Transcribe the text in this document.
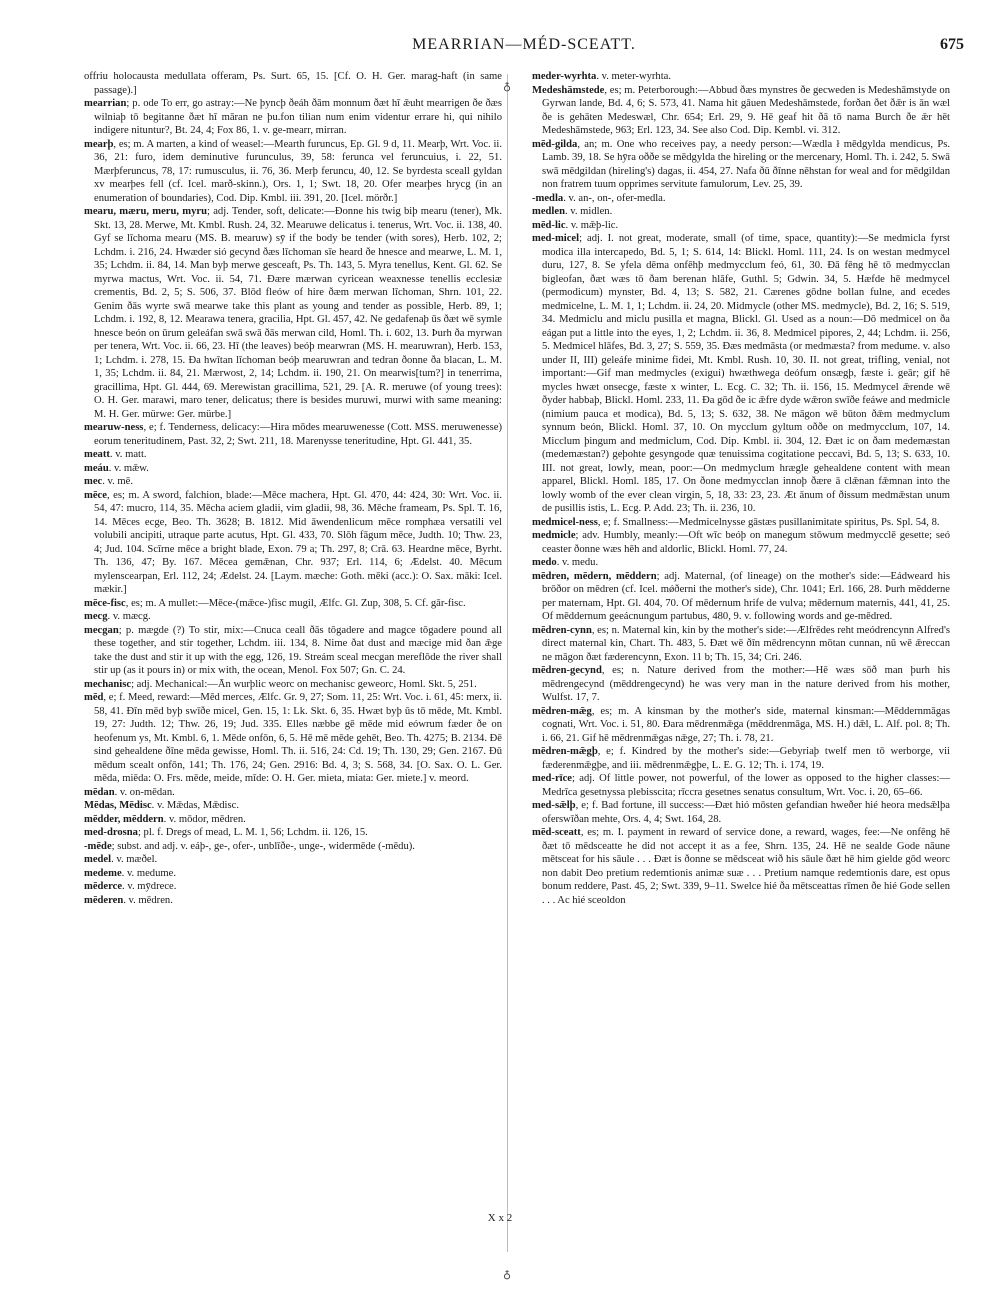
MEARRIAN—MÉD-SCEATT.	675

offriu holocausta medullata offeram, Ps. Surt. 65, 15. [Cf. O. H. Ger. marag-haft (in same passage).]

mearrian; p. ode To err, go astray:—Ne þyncþ ðeáh ðām monnum ðæt hī ǣuht mearrigen ðe ðæs wilniaþ tō begitanne ðæt hī māran ne þu.fon tilian num enim videntur errare hi, qui nihilo indigere nituntur?, Bt. 24, 4; Fox 86, 1. v. ge-mearr, mirran.

mearþ, es; m. A marten, a kind of weasel:—Mearth furuncus, Ep. Gl. 9 d, 11. Mearþ, Wrt. Voc. ii. 36, 21: furo, idem deminutive furunculus, 39, 58: ferunca vel feruncuius, i. 22, 51. Mærþferuncus, 78, 17: rumusculus, ii. 76, 36. Merþ feruncu, 40, 12. Se byrdesta sceall gyldan xv mearþes fell (cf. Icel. marð-skinn.), Ors. 1, 1; Swt. 18, 20. Ofer mearþes hrycg (in an enumeration of boundaries), Cod. Dip. Kmbl. iii. 391, 20. [Icel. mörðr.]

mearu, mæru, meru, myru; adj. Tender, soft, delicate:—Ðonne his twig biþ mearu (tener), Mk. Skt. 13, 28. Merwe, Mt. Kmbl. Rush. 24, 32. Mearuwe delicatus i. tenerus, Wrt. Voc. ii. 138, 40. Gyf se līchoma mearu (MS. B. mearuw) sȳ if the body be tender (with sores), Herb. 102, 2; Lchdm. i. 216, 24. Hwæder sió gecynd ðæs līchoman sīe heard ðe hnesce and mearwe, L. M. 1, 35; Lchdm. ii. 84, 14. Man byþ merwe gesceaft, Ps. Th. 143, 5. Myra tenellus, Kent. Gl. 62. Se myrwa mactus, Wrt. Voc. ii. 54, 71. Ðære mærwan cyricean weaxnesse tenellis ecclesiæ crementis, Bd. 2, 5; S. 506, 37. Blōd fleów of hire ðæm merwan līchoman, Shrn. 101, 22. Genim ðās wyrte swā mearwe take this plant as young and tender as possible, Herb. 89, 1; Lchdm. i. 192, 8, 12. Mearawa tenera, gracilia, Hpt. Gl. 457, 42. Ne gedafenaþ ūs ðæt wē symle hnesce beón on ūrum geleáfan swā swā ðās merwan cild, Homl. Th. i. 602, 13. Þurh ða myrwan per tenera, Wrt. Voc. ii. 66, 23. Hī (the leaves) beóþ mearwran (MS. H. mearuwran), Herb. 153, 1; Lchdm. i. 278, 15. Ða hwītan līchoman beóþ mearuwran and tedran ðonne ða blacan, L. M. 1, 35; Lchdm. ii. 84, 21. Mærwost, 2, 14; Lchdm. ii. 190, 21. On mearwis[tum?] in tenerrima, gracillima, Hpt. Gl. 444, 69. Merewistan gracillima, 521, 29. [A. R. meruwe (of young trees): O. H. Ger. marawi, maro tener, delicatus; there is besides muruwi, murwi with same meaning: M. H. Ger. mürwe: Ger. mürbe.]

mearuw-ness, e; f. Tenderness, delicacy:—Hira mōdes mearuwenesse (Cott. MSS. meruwenesse) eorum teneritudinem, Past. 32, 2; Swt. 211, 18. Marenysse teneritudine, Hpt. Gl. 441, 35.

meatt. v. matt.

meáu. v. mǣw.

mec. v. mē.

mēce, es; m. A sword, falchion, blade:—Mēce machera, Hpt. Gl. 470, 44: 424, 30: Wrt. Voc. ii. 54, 47: mucro, 114, 35. Mēcha aciem gladii, vim gladii, 98, 36. Mēche frameam, Ps. Spl. T. 16, 14. Mēces ecge, Beo. Th. 3628; B. 1812. Mid āwendenlicum mēce romphæa versatili vel volubili ancipiti, utraque parte acutus, Hpt. Gl. 433, 70. Slōh fāgum mēce, Judth. 10; Thw. 23, 4; Jud. 104. Scīrne mēce a bright blade, Exon. 79 a; Th. 297, 8; Crā. 63. Heardne mēce, Byrht. Th. 136, 47; By. 167. Mēcea gemǣnan, Chr. 937; Erl. 114, 6; Ædelst. 40. Mēcum mylenscearpan, Erl. 112, 24; Ædelst. 24. [Laym. mæche: Goth. mēki (acc.): O. Sax. māki: Icel. mækir.]

mēce-fisc, es; m. A mullet:—Mēce-(mǣce-)fisc mugil, Ælfc. Gl. Zup, 308, 5. Cf. gār-fisc.

mecg. v. mæcg.

mecgan; p. mægde (?) To stir, mix:—Cnuca ceall ðās tōgadere and magce tōgadere pound all these together, and stir together, Lchdm. iii. 134, 8. Nime ðat dust and mæcige mid ðan ǣge take the dust and stir it up with the egg, 126, 19. Streám sceal mecgan mereflōde the river shall stir up (as it pours in) or mix with, the ocean, Menol. Fox 507; Gn. C. 24.

mechanisc; adj. Mechanical:—Ān wurþlic weorc on mechanisc geweorc, Homl. Skt. 5, 251.

mēd, e; f. Meed, reward:—Mēd merces, Ælfc. Gr. 9, 27; Som. 11, 25: Wrt. Voc. i. 61, 45: merx, ii. 58, 41. Ðīn mēd byþ swīðe micel, Gen. 15, 1: Lk. Skt. 6, 35. Hwæt byþ ūs tō mēde, Mt. Kmbl. 19, 27: Judth. 12; Thw. 26, 19; Jud. 335. Elles næbbe gē mēde mid eówrum fæder ðe on heofenum ys, Mt. Kmbl. 6, 1. Mēde onfōn, 6, 5. Hē mē mēde gehēt, Beo. Th. 4275; B. 2134. Ðē sind gehealdene ðīne mēda gewisse, Homl. Th. ii. 516, 24: Cd. 19; Th. 130, 29; Gen. 2167. Ðū mēdum scealt onfōn, 141; Th. 176, 24; Gen. 2916: Bd. 4, 3; S. 568, 34. [O. Sax. O. L. Ger. mēda, miēda: O. Frs. mēde, meide, mīde: O. H. Ger. mieta, miata: Ger. miete.] v. meord.

mēdan. v. on-mēdan.

Mēdas, Mēdisc. v. Mǣdas, Mǣdisc.

mēdder, mēddern. v. mōdor, mēdren.

med-drosna; pl. f. Dregs of mead, L. M. 1, 56; Lchdm. ii. 126, 15.

-mēde; subst. and adj. v. eáþ-, ge-, ofer-, unblīðe-, unge-, widermēde (-mēdu).

medel. v. mæðel.

medeme. v. medume.

mēderce. v. mȳdrece.

mēderen. v. mēdren.

♁
♁

meder-wyrhta. v. meter-wyrhta.

Medeshāmstede, es; m. Peterborough:—Abbud ðæs mynstres ðe gecweden is Medeshāmstyde on Gyrwan lande, Bd. 4, 6; S. 573, 41. Nama hit gāuen Medeshāmstede, forðan ðet ðǣr is ān wæl ðe is gehāten Medeswæl, Chr. 654; Erl. 29, 9. Hē geaf hit ðā tō nama Burch ðe ǣr hēt Medeshāmstede, 963; Erl. 123, 34. See also Cod. Dip. Kembl. vi. 312.

mēd-gilda, an; m. One who receives pay, a needy person:—Wædla ł mēdgylda mendicus, Ps. Lamb. 39, 18. Se hȳra oððe se mēdgylda the hireling or the mercenary, Homl. Th. i. 242, 5. Swā swā mēdgildan (hireling's) dagas, ii. 454, 27. Nafa ðū ðīnne nēhstan for weal and for mēdgildan non fratrem tuum opprimes servitute famulorum, Lev. 25, 39.

-medla. v. an-, on-, ofer-medla.

medlen. v. midlen.

mēd-lic. v. mǣþ-lic.

med-micel; adj. I. not great, moderate, small (of time, space, quantity):—Se medmicla fyrst modica illa intercapedo, Bd. 5, 1; S. 614, 14: Blickl. Homl. 111, 24. Is on westan medmycel duru, 127, 8. Se yfela dēma onfēhþ medmycclum feó, 61, 30. Ðā fēng hē tō medmycclan bigleofan, ðæt wæs tō ðam berenan hlāfe, Guthl. 5; Gdwin. 34, 5. Hæfde hē medmycel (permodicum) mynster, Bd. 4, 13; S. 582, 21. Cærenes gōdne bollan fulne, and ecedes medmicelne, L. M. 1, 1; Lchdm. ii. 24, 20. Midmycle (other MS. medmycle), Bd. 2, 16; S. 519, 34. Medmiclu and miclu pusilla et magna, Blickl. Gl. Used as a noun:—Dō medmicel on ða eágan put a little into the eyes, 1, 2; Lchdm. ii. 36, 8. Medmicel pipores, 2, 44; Lchdm. ii. 256, 5. Medmicel hlāfes, Bd. 3, 27; S. 559, 35. Ðæs medmāsta (or medmæsta? from medume. v. also under II, III) geleáfe minime fidei, Mt. Kmbl. Rush. 10, 30. II. not great, trifling, venial, not important:—Gif man medmycles (exigui) hwæthwega deófum onsægþ, fæste i. geār; gif hē mycles hwæt onsecge, fæste x winter, L. Ecg. C. 32; Th. ii. 156, 15. Medmycel ǣrende wē ðyder habbaþ, Blickl. Homl. 233, 11. Ða gōd ðe ic ǣfre dyde wǣron swīðe feáwe and medmicle (nimium pauca et modica), Bd. 5, 13; S. 632, 38. Ne māgon wē būton ðǣm medmyclum synnum beón, Blickl. Homl. 37, 10. On mycclum gyltum oððe on medmycclum, 107, 14. Micclum þingum and medmiclum, Cod. Dip. Kmbl. ii. 304, 12. Ðæt ic on ðam medemæstan (medemæstan?) geþohte gesyngode quæ tenuissima cogitatione peccavi, Bd. 5, 13; S. 633, 10. III. not great, lowly, mean, poor:—On medmyclum hrægle gehealdene content with mean apparel, Blickl. Homl. 185, 17. On ðone medmycclan innoþ ðære ā clǣnan fǣmnan into the lowly womb of the ever clean virgin, 5, 18, 33: 23, 23. Æt ānum of ðissum medmǣstan unum de pusillis istis, L. Ecg. P. Add. 23; Th. ii. 236, 10.

medmicel-ness, e; f. Smallness:—Medmicelnysse gāstæs pusillanimitate spiritus, Ps. Spl. 54, 8.

medmicle; adv. Humbly, meanly:—Oft wīc beóþ on manegum stōwum medmycclē gesette; seó ceaster ðonne wæs hēh and aldorlic, Blickl. Homl. 77, 24.

medo. v. medu.

mēdren, mēdern, mēddern; adj. Maternal, (of lineage) on the mother's side:—Eádweard his brōðor on mēdren (cf. Icel. mǿðerni the mother's side), Chr. 1041; Erl. 166, 28. Þurh mēdderne per maternam, Hpt. Gl. 404, 70. Of mēdernum hrife de vulva; mēdernum maternis, 441, 41, 25. Of mēddernum geeácnungum partubus, 480, 9. v. following words and ge-mēdred.

mēdren-cynn, es; n. Maternal kin, kin by the mother's side:—Ælfrēdes reht meódrencynn Alfred's direct maternal kin, Chart. Th. 483, 5. Ðæt wē ðīn mēdrencynn mōtan cunnan, nū wē ǣreccan ne māgon ðæt fæderencynn, Exon. 11 b; Th. 15, 34; Cri. 246.

mēdren-gecynd, es; n. Nature derived from the mother:—Hē wæs sōð man þurh his mēdrengecynd (mēddrengecynd) he was very man in the nature derived from his mother, Wulfst. 17, 7.

mēdren-mǣg, es; m. A kinsman by the mother's side, maternal kinsman:—Mēddernmāgas cognati, Wrt. Voc. i. 51, 80. Ðara mēdrenmǣga (mēddrenmāga, MS. H.) dǣl, L. Alf. pol. 8; Th. i. 66, 21. Gif hē mēdrenmǣgas nǣge, 27; Th. i. 78, 21.

mēdren-mǣgþ, e; f. Kindred by the mother's side:—Gebyriaþ twelf men tō werborge, vii fæderenmǣgþe, and iii. mēdrenmǣgþe, L. E. G. 12; Th. i. 174, 19.

med-rīce; adj. Of little power, not powerful, of the lower as opposed to the higher classes:—Medrīca gesetnyssa plebisscita; rīccra gesetnes senatus consultum, Wrt. Voc. i. 20, 65–66.

med-sǣlþ, e; f. Bad fortune, ill success:—Ðæt hió mōsten gefandian hweðer hié heora medsǣlþa oferswīðan mehte, Ors. 4, 4; Swt. 164, 28.

mēd-sceatt, es; m. I. payment in reward of service done, a reward, wages, fee:—Ne onfēng hē ðæt tō mēdsceatte he did not accept it as a fee, Shrn. 135, 24. Hē ne sealde Gode nāune mētsceat for his sāule . . . Ðæt is ðonne se mēdsceat wið his sāule ðæt hē him gielde gōd weorc non dabit Deo pretium redemtionis animæ suæ . . . Pretium namque redemtionis dare, est opus bonum reddere, Past. 45, 2; Swt. 339, 9–11. Swelce hié ða mētsceattas rīmen ðe hié Gode sellen . . . Ac hié sceoldon

X x 2
